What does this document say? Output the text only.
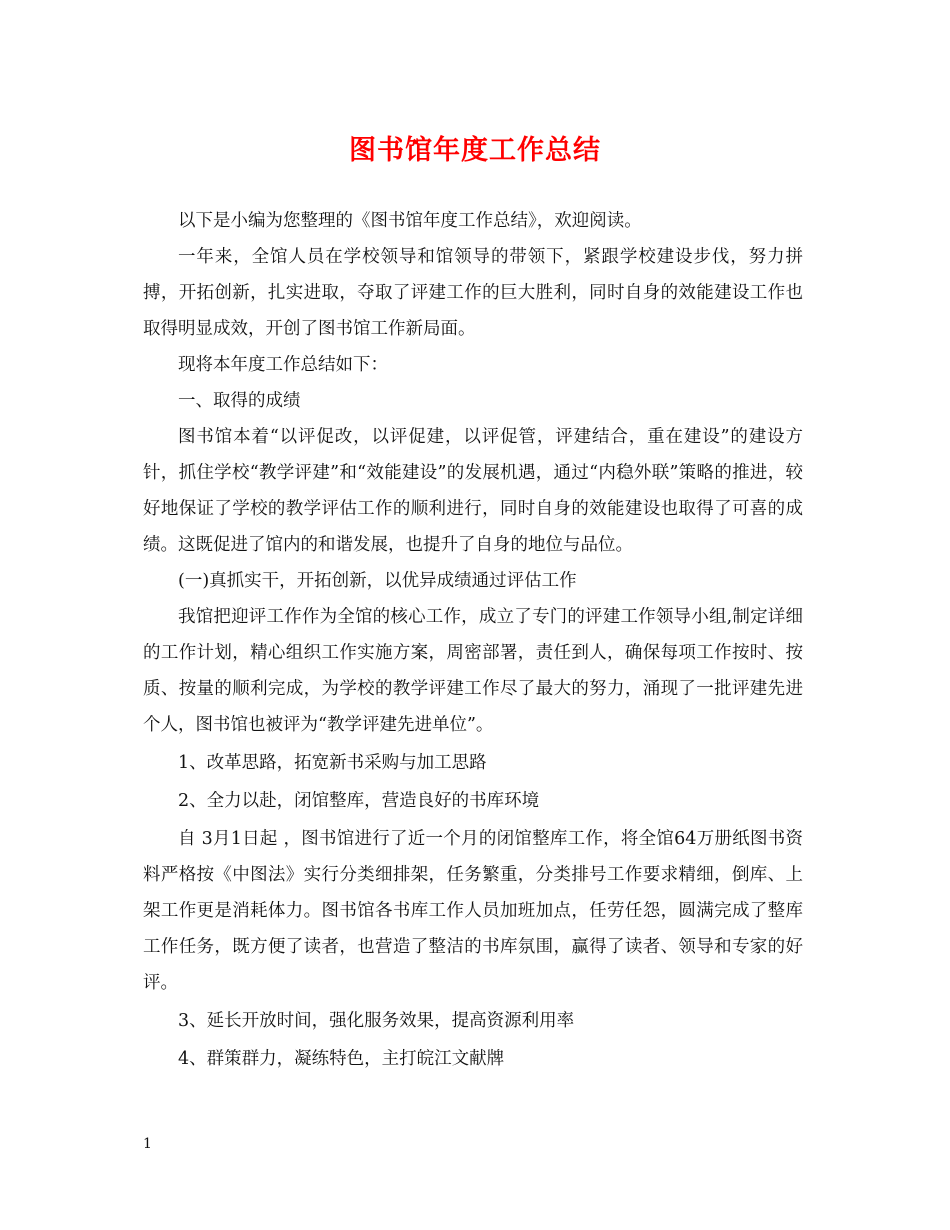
图书馆年度工作总结

以下是小编为您整理的《图书馆年度工作总结》，欢迎阅读。

一年来，全馆人员在学校领导和馆领导的带领下，紧跟学校建设步伐，努力拼搏，开拓创新，扎实进取，夺取了评建工作的巨大胜利，同时自身的效能建设工作也取得明显成效，开创了图书馆工作新局面。

现将本年度工作总结如下：

一、取得的成绩

图书馆本着“以评促改，以评促建，以评促管，评建结合，重在建设”的建设方针，抓住学校“教学评建”和“效能建设”的发展机遇，通过“内稳外联”策略的推进，较好地保证了学校的教学评估工作的顺利进行，同时自身的效能建设也取得了可喜的成绩。这既促进了馆内的和谐发展，也提升了自身的地位与品位。

(一)真抓实干，开拓创新，以优异成绩通过评估工作

我馆把迎评工作作为全馆的核心工作，成立了专门的评建工作领导小组,制定详细的工作计划，精心组织工作实施方案，周密部署，责任到人，确保每项工作按时、按质、按量的顺利完成，为学校的教学评建工作尽了最大的努力，涌现了一批评建先进个人，图书馆也被评为“教学评建先进单位”。

1、改革思路，拓宽新书采购与加工思路

2、全力以赴，闭馆整库，营造良好的书库环境

自 3月1日起 ，图书馆进行了近一个月的闭馆整库工作，将全馆64万册纸图书资料严格按《中图法》实行分类细排架，任务繁重，分类排号工作要求精细，倒库、上架工作更是消耗体力。图书馆各书库工作人员加班加点，任劳任怨，圆满完成了整库工作任务，既方便了读者，也营造了整洁的书库氛围，赢得了读者、领导和专家的好评。

3、延长开放时间，强化服务效果，提高资源利用率

4、群策群力，凝练特色，主打皖江文献牌

1
